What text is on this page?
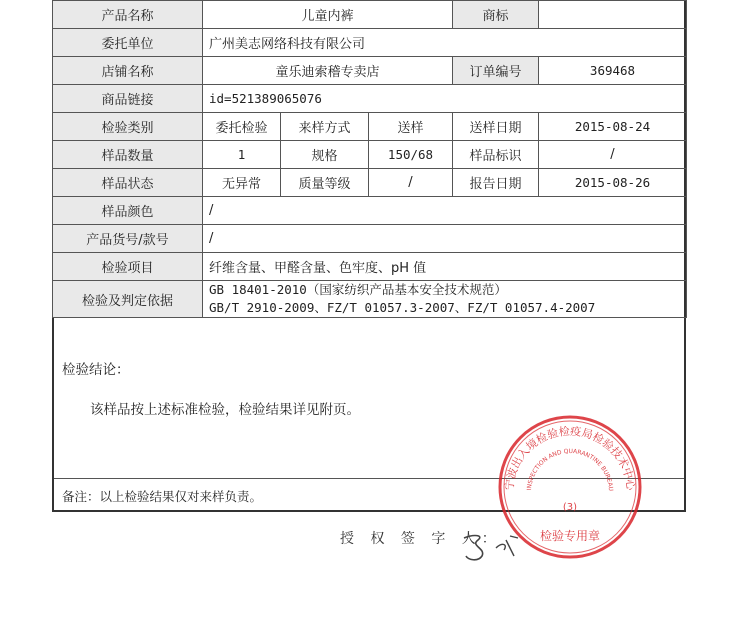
产品名称	儿童内裤			商标	
委托单位	广州美志网络科技有限公司				
店铺名称	童乐迪索稽专卖店			订单编号	369468
商品链接	id=521389065076				
检验类别	委托检验	来样方式	送样	送样日期	2015-08-24
样品数量	1	规格	150/68	样品标识	/
样品状态	无异常	质量等级	/	报告日期	2015-08-26
样品颜色	/				
产品货号/款号	/				
检验项目	纤维含量、甲醛含量、色牢度、pH 值				
检验及判定依据	GB 18401-2010（国家纺织产品基本安全技术规范）
GB/T 2910-2009、FZ/T 01057.3-2007、FZ/T 01057.4-2007				
检验结论：
该样品按上述标准检验，检验结果详见附页。
备注：以上检验结果仅对来样负责。
授 权 签 字 人：
宁波出入境检验检疫局检验技术中心
INSPECTION AND QUARANTINE BUREAU
(3)
检验专用章
